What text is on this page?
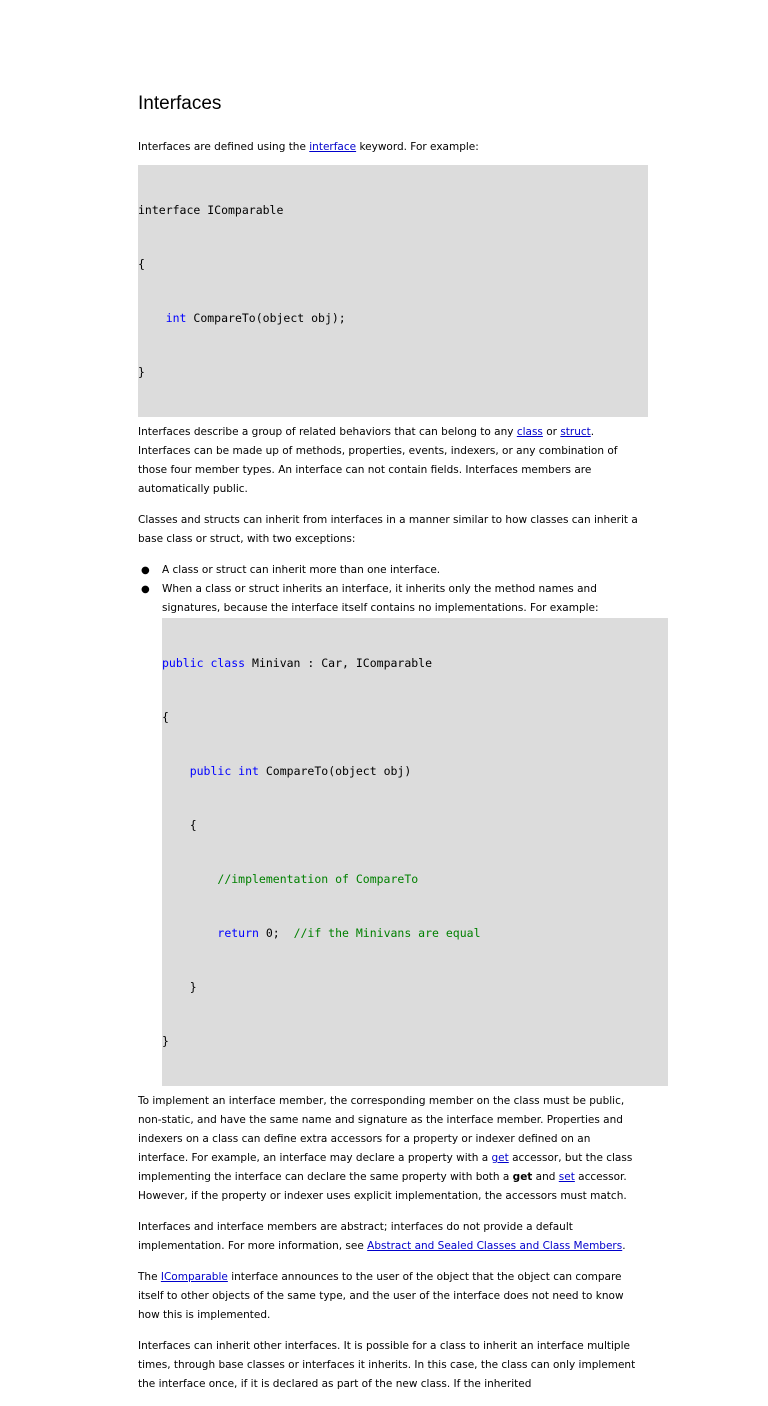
Interfaces

Interfaces are defined using the interface keyword. For example:

interface IComparable

{

int CompareTo(object obj);

}

Interfaces describe a group of related behaviors that can belong to any class or struct. Interfaces can be made up of methods, properties, events, indexers, or any combination of those four member types. An interface can not contain fields. Interfaces members are automatically public.

Classes and structs can inherit from interfaces in a manner similar to how classes can inherit a base class or struct, with two exceptions:

● A class or struct can inherit more than one interface.
● When a class or struct inherits an interface, it inherits only the method names and signatures, because the interface itself contains no implementations. For example:

public class Minivan : Car, IComparable

{

public int CompareTo(object obj)

{

//implementation of CompareTo

return 0;  //if the Minivans are equal

}

}

To implement an interface member, the corresponding member on the class must be public, non-static, and have the same name and signature as the interface member. Properties and indexers on a class can define extra accessors for a property or indexer defined on an interface. For example, an interface may declare a property with a get accessor, but the class implementing the interface can declare the same property with both a get and set accessor. However, if the property or indexer uses explicit implementation, the accessors must match.

Interfaces and interface members are abstract; interfaces do not provide a default implementation. For more information, see Abstract and Sealed Classes and Class Members.

The IComparable interface announces to the user of the object that the object can compare itself to other objects of the same type, and the user of the interface does not need to know how this is implemented.

Interfaces can inherit other interfaces. It is possible for a class to inherit an interface multiple times, through base classes or interfaces it inherits. In this case, the class can only implement the interface once, if it is declared as part of the new class. If the inherited
